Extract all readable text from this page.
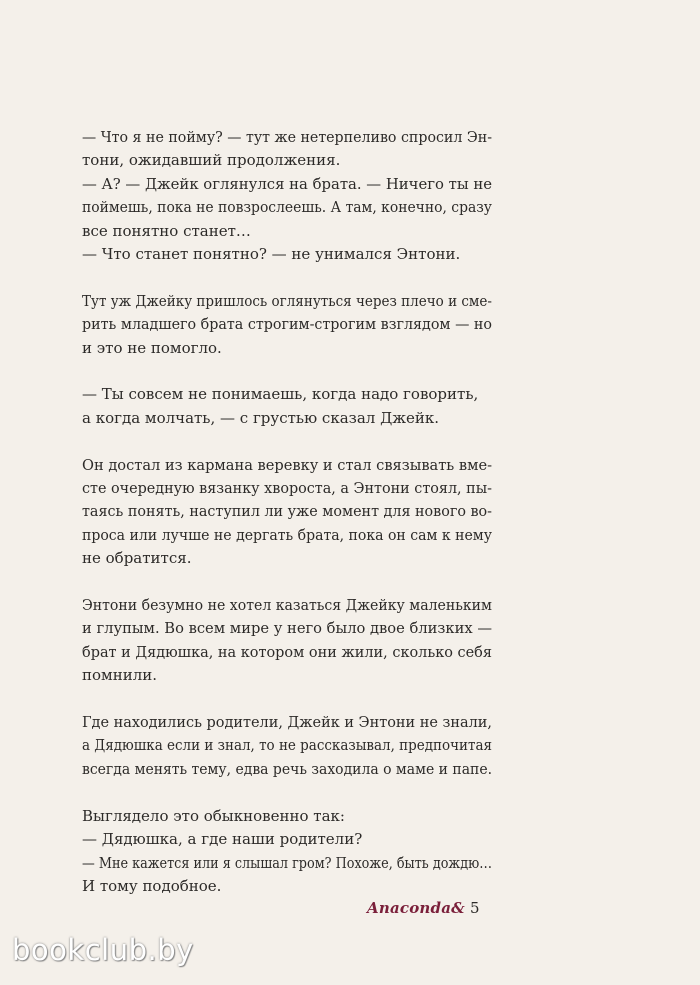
— Что я не пойму? — тут же нетерпеливо спросил Эн-
тони, ожидавший продолжения.
— А? — Джейк оглянулся на брата. — Ничего ты не
поймешь, пока не повзрослеешь. А там, конечно, сразу
все понятно станет…
— Что станет понятно? — не унимался Энтони.

Тут уж Джейку пришлось оглянуться через плечо и сме-
рить младшего брата строгим-строгим взглядом — но
и это не помогло.

— Ты совсем не понимаешь, когда надо говорить,
а когда молчать, — с грустью сказал Джейк.

Он достал из кармана веревку и стал связывать вме-
сте очередную вязанку хвороста, а Энтони стоял, пы-
таясь понять, наступил ли уже момент для нового во-
проса или лучше не дергать брата, пока он сам к нему
не обратится.

Энтони безумно не хотел казаться Джейку маленьким
и глупым. Во всем мире у него было двое близких —
брат и Дядюшка, на котором они жили, сколько себя
помнили.

Где находились родители, Джейк и Энтони не знали,
а Дядюшка если и знал, то не рассказывал, предпочитая
всегда менять тему, едва речь заходила о маме и папе.

Выглядело это обыкновенно так:
— Дядюшка, а где наши родители?
— Мне кажется или я слышал гром? Похоже, быть дождю…
И тому подобное.

Anaconda& 5
bookclub.by
